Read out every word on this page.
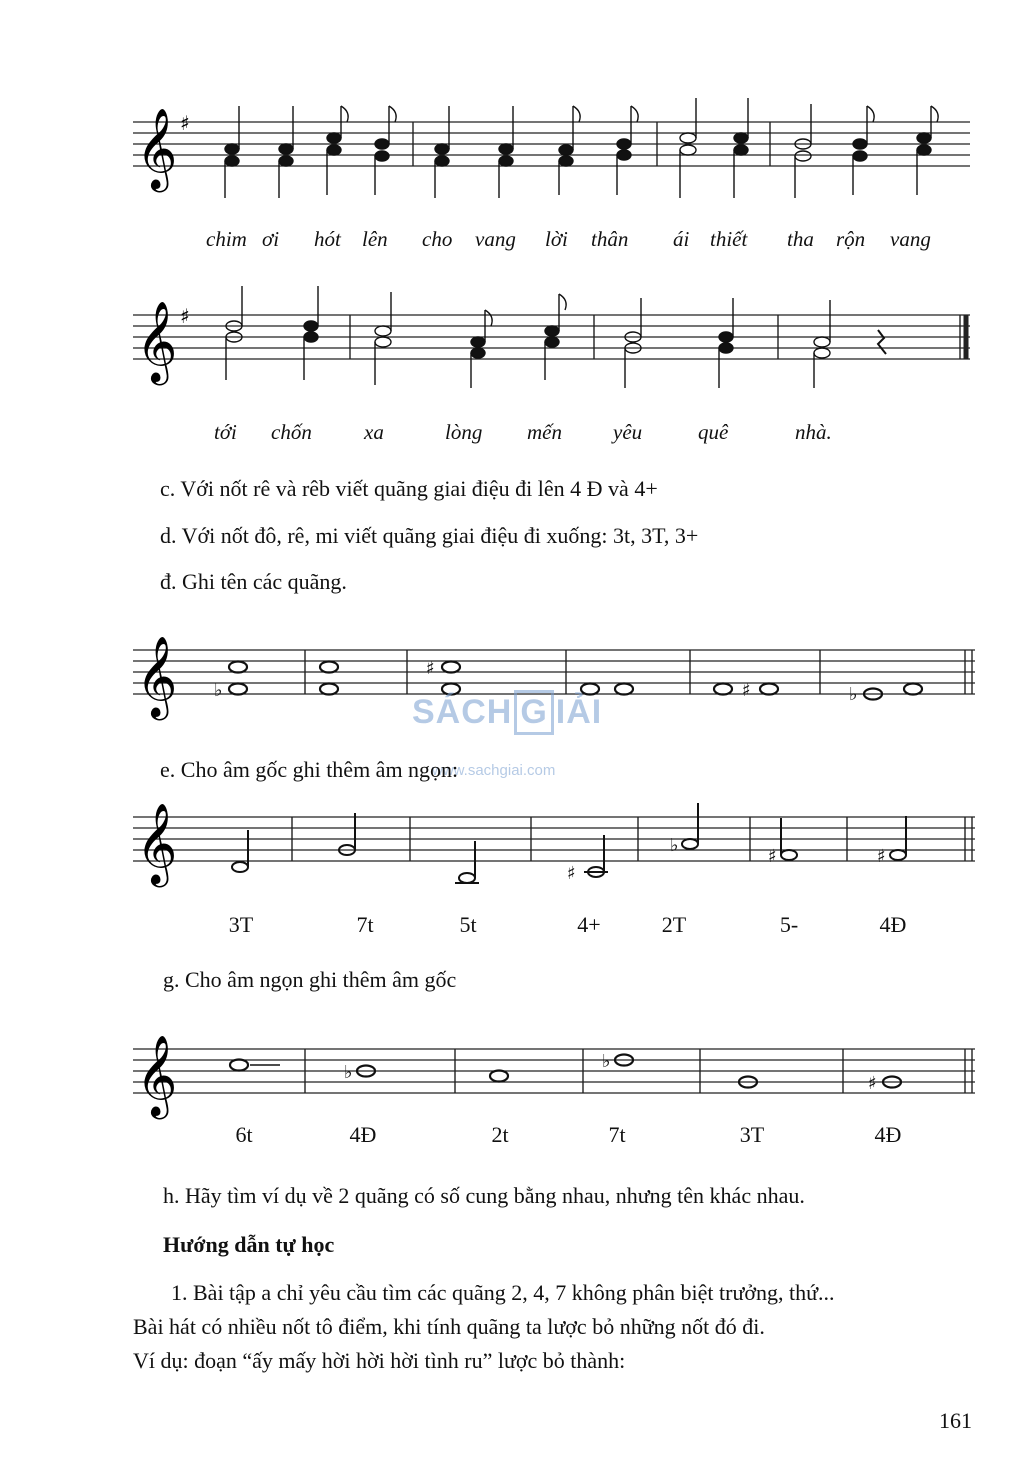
𝄞 ♯
chim ơi hót lên cho vang lời thân ái thiết tha rộn vang
𝄞 ♯
tới chốn xa	lòng mến yêu	quê	nhà.
c. Với nốt rê và rêb viết quãng giai điệu đi lên 4 Đ và 4+
d. Với nốt đô, rê, mi viết quãng giai điệu đi xuống: 3t, 3T, 3+
đ. Ghi tên các quãng.
𝄞 ♭
♯
♯	♭
SÁCH G IẢI
www.sachgiai.com
e. Cho âm gốc ghi thêm âm ngọn:
𝄞	♯
♭
♯	♯
3T	7t	5t	4+	2T	5-	4Đ
g. Cho âm ngọn ghi thêm âm gốc
𝄞	♭
♭
♯
6t	4Đ	2t	7t	3T	4Đ
h. Hãy tìm ví dụ về 2 quãng có số cung bằng nhau, nhưng tên khác nhau.
Hướng dẫn tự học

1. Bài tập a chỉ yêu cầu tìm các quãng 2, 4, 7 không phân biệt trưởng, thứ...

Bài hát có nhiều nốt tô điểm, khi tính quãng ta lược bỏ những nốt đó đi.

Ví dụ: đoạn “ấy mấy hời hời hời tình ru” lược bỏ thành:

161
